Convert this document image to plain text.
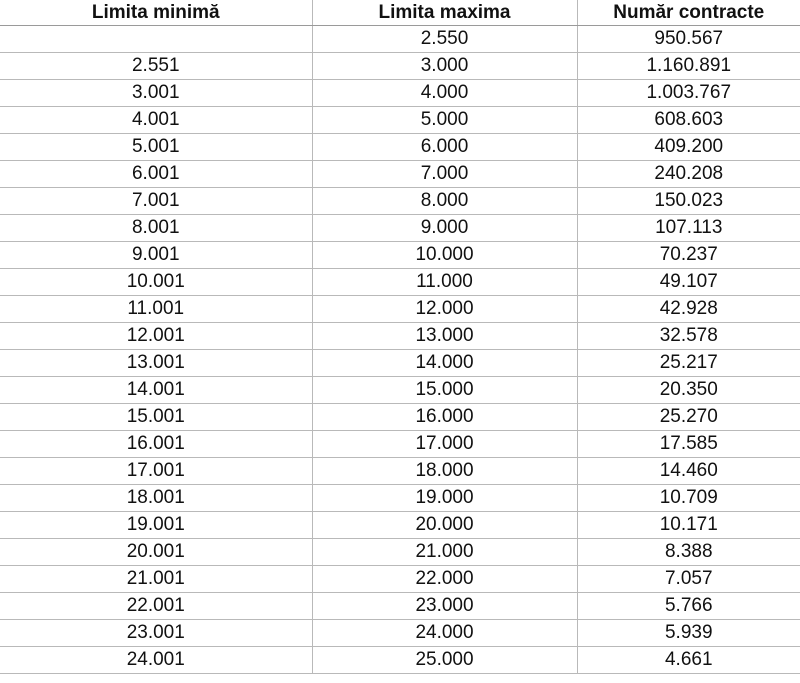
Limita minimă	Limita maxima	Număr contracte
	2.550	950.567
2.551	3.000	1.160.891
3.001	4.000	1.003.767
4.001	5.000	608.603
5.001	6.000	409.200
6.001	7.000	240.208
7.001	8.000	150.023
8.001	9.000	107.113
9.001	10.000	70.237
10.001	11.000	49.107
11.001	12.000	42.928
12.001	13.000	32.578
13.001	14.000	25.217
14.001	15.000	20.350
15.001	16.000	25.270
16.001	17.000	17.585
17.001	18.000	14.460
18.001	19.000	10.709
19.001	20.000	10.171
20.001	21.000	8.388
21.001	22.000	7.057
22.001	23.000	5.766
23.001	24.000	5.939
24.001	25.000	4.661
